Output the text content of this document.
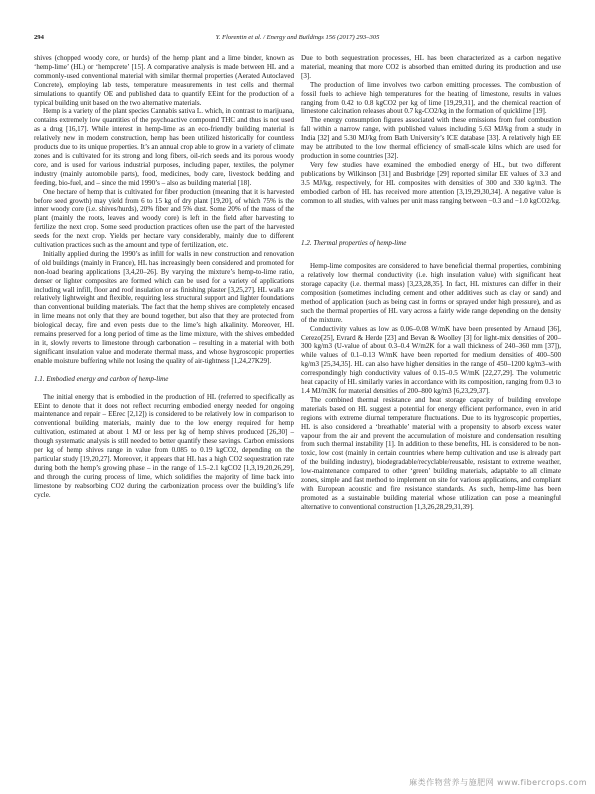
294	Y. Florentin et al. / Energy and Buildings 156 (2017) 293–305

shives (chopped woody core, or hurds) of the hemp plant and a lime binder, known as ‘hemp-lime’ (HL) or ‘hempcrete’ [15]. A comparative analysis is made between HL and a commonly-used conventional material with similar thermal properties (Aerated Autoclaved Concrete), employing lab tests, temperature measurements in test cells and thermal simulations to quantify OE and published data to quantify EEint for the production of a typical building unit based on the two alternative materials.

Hemp is a variety of the plant species Cannabis sativa L. which, in contrast to marijuana, contains extremely low quantities of the psychoactive compound THC and thus is not used as a drug [16,17]. While interest in hemp-lime as an eco-friendly building material is relatively new in modern construction, hemp has been utilized historically for countless products due to its unique properties. It’s an annual crop able to grow in a variety of climate zones and is cultivated for its strong and long fibers, oil-rich seeds and its porous woody core, and is used for various industrial purposes, including paper, textiles, the polymer industry (mainly automobile parts), food, medicines, body care, livestock bedding and feeding, bio-fuel, and – since the mid 1990’s – also as building material [18].

One hectare of hemp that is cultivated for fiber production (meaning that it is harvested before seed growth) may yield from 6 to 15 kg of dry plant [19,20], of which 75% is the inner woody core (i.e. shives/hurds), 20% fiber and 5% dust. Some 20% of the mass of the plant (mainly the roots, leaves and woody core) is left in the field after harvesting to fertilize the next crop. Some seed production practices often use the part of the harvested seeds for the next crop. Yields per hectare vary considerably, mainly due to different cultivation practices such as the amount and type of fertilization, etc.

Initially applied during the 1990’s as infill for walls in new construction and renovation of old buildings (mainly in France), HL has increasingly been considered and promoted for non-load bearing applications [3,4,20–26]. By varying the mixture’s hemp-to-lime ratio, denser or lighter composites are formed which can be used for a variety of applications including wall infill, floor and roof insulation or as finishing plaster [3,25,27]. HL walls are relatively lightweight and flexible, requiring less structural support and lighter foundations than conventional building materials. The fact that the hemp shives are completely encased in lime means not only that they are bound together, but also that they are protected from biological decay, fire and even pests due to the lime’s high alkalinity. Moreover, HL remains preserved for a long period of time as the lime mixture, with the shives embedded in it, slowly reverts to limestone through carbonation – resulting in a material with both significant insulation value and moderate thermal mass, and whose hygroscopic properties enable moisture buffering while not losing the quality of air-tightness [1,24,27K29].

1.1. Embodied energy and carbon of hemp-lime

The initial energy that is embodied in the production of HL (referred to specifically as EEint to denote that it does not reflect recurring embodied energy needed for ongoing maintenance and repair – EErec [2,12]) is considered to be relatively low in comparison to conventional building materials, mainly due to the low energy required for hemp cultivation, estimated at about 1 MJ or less per kg of hemp shives produced [26,30] – though systematic analysis is still needed to better quantify these savings. Carbon emissions per kg of hemp shives range in value from 0.085 to 0.19 kgCO2, depending on the particular study [19,20,27]. Moreover, it appears that HL has a high CO2 sequestration rate during both the hemp’s growing phase – in the range of 1.5–2.1 kgCO2 [1,3,19,20,26,29], and through the curing process of lime, which solidifies the majority of lime back into limestone by reabsorbing CO2 during the carbonization process over the building’s life cycle.

Due to both sequestration processes, HL has been characterized as a carbon negative material, meaning that more CO2 is absorbed than emitted during its production and use [3].

The production of lime involves two carbon emitting processes. The combustion of fossil fuels to achieve high temperatures for the heating of limestone, results in values ranging from 0.42 to 0.8 kgCO2 per kg of lime [19,29,31], and the chemical reaction of limestone calcination releases about 0.7 kg-CO2/kg in the formation of quicklime [19].

The energy consumption figures associated with these emissions from fuel combustion fall within a narrow range, with published values including 5.63 MJ/kg from a study in India [32] and 5.30 MJ/kg from Bath University’s ICE database [33]. A relatively high EE may be attributed to the low thermal efficiency of small-scale kilns which are used for production in some countries [32].

Very few studies have examined the embodied energy of HL, but two different publications by Wilkinson [31] and Busbridge [29] reported similar EE values of 3.3 and 3.5 MJ/kg, respectively, for HL composites with densities of 300 and 330 kg/m3. The embodied carbon of HL has received more attention [3,19,29,30,34]. A negative value is common to all studies, with values per unit mass ranging between −0.3 and −1.0 kgCO2/kg.

1.2. Thermal properties of hemp-lime

Hemp-lime composites are considered to have beneficial thermal properties, combining a relatively low thermal conductivity (i.e. high insulation value) with significant heat storage capacity (i.e. thermal mass) [3,23,28,35]. In fact, HL mixtures can differ in their composition (sometimes including cement and other additives such as clay or sand) and method of application (such as being cast in forms or sprayed under high pressure), and as such the thermal properties of HL vary across a fairly wide range depending on the density of the mixture.

Conductivity values as low as 0.06–0.08 W/mK have been presented by Arnaud [36], Cerezo[25], Evrard & Herde [23] and Bevan & Woolley [3] for light-mix densities of 200–300 kg/m3 (U-value of about 0.3–0.4 W/m2K for a wall thickness of 240–360 mm [37]), while values of 0.1–0.13 W/mK have been reported for medium densities of 400–500 kg/m3 [25,34,35]. HL can also have higher densities in the range of 450–1200 kg/m3–with correspondingly high conductivity values of 0.15–0.5 W/mK [22,27,29]. The volumetric heat capacity of HL similarly varies in accordance with its composition, ranging from 0.3 to 1.4 MJ/m3K for material densities of 200–800 kg/m3 [6,23,29,37].

The combined thermal resistance and heat storage capacity of building envelope materials based on HL suggest a potential for energy efficient performance, even in arid regions with extreme diurnal temperature fluctuations. Due to its hygroscopic properties, HL is also considered a ‘breathable’ material with a propensity to absorb excess water vapour from the air and prevent the accumulation of moisture and condensation resulting from such thermal instability [1]. In addition to these benefits, HL is considered to be non-toxic, low cost (mainly in certain countries where hemp cultivation and use is already part of the building industry), biodegradable/recyclable/reusable, resistant to extreme weather, low-maintenance compared to other ‘green’ building materials, adaptable to all climate zones, simple and fast method to implement on site for various applications, and compliant with European acoustic and fire resistance standards. As such, hemp-lime has been promoted as a sustainable building material whose utilization can pose a meaningful alternative to conventional construction [1,3,26,28,29,31,39].

麻类作物营养与施肥网 www.fibercrops.com
